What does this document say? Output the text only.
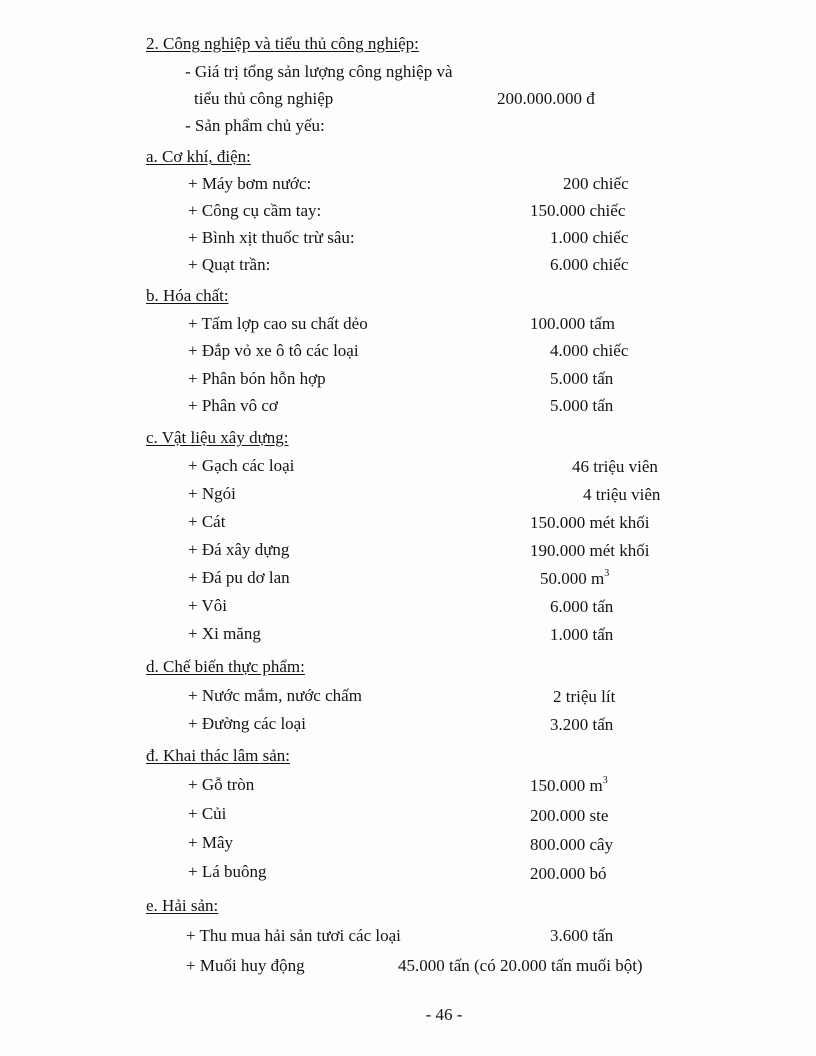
2. Công nghiệp và tiểu thủ công nghiệp:
- Giá trị tổng sản lượng công nghiệp và
tiểu thủ công nghiệp	200.000.000 đ
- Sản phẩm chủ yếu:
a. Cơ khí, điện:
+ Máy bơm nước:	200 chiếc
+ Công cụ cầm tay:	150.000 chiếc
+ Bình xịt thuốc trừ sâu:	1.000 chiếc
+ Quạt trần:	6.000 chiếc
b. Hóa chất:
+ Tấm lợp cao su chất dẻo	100.000 tấm
+ Đắp vỏ xe ô tô các loại	4.000 chiếc
+ Phân bón hỗn hợp	5.000 tấn
+ Phân vô cơ	5.000 tấn
c. Vật liệu xây dựng:
+ Gạch các loại	46 triệu viên
+ Ngói	4 triệu viên
+ Cát	150.000 mét khối
+ Đá xây dựng	190.000 mét khối
+ Đá pu dơ lan	50.000 $m^3$
+ Vôi	6.000 tấn
+ Xi măng	1.000 tấn
d. Chế biến thực phẩm:
+ Nước mắm, nước chấm	2 triệu lít
+ Đường các loại	3.200 tấn
đ. Khai thác lâm sản:
+ Gỗ tròn	150.000 $m^3$
+ Củi	200.000 ste
+ Mây	800.000 cây
+ Lá buông	200.000 bó
e. Hải sản:
+ Thu mua hải sản tươi các loại	3.600 tấn
+ Muối huy động	45.000 tấn (có 20.000 tấn muối bột)
- 46 -
